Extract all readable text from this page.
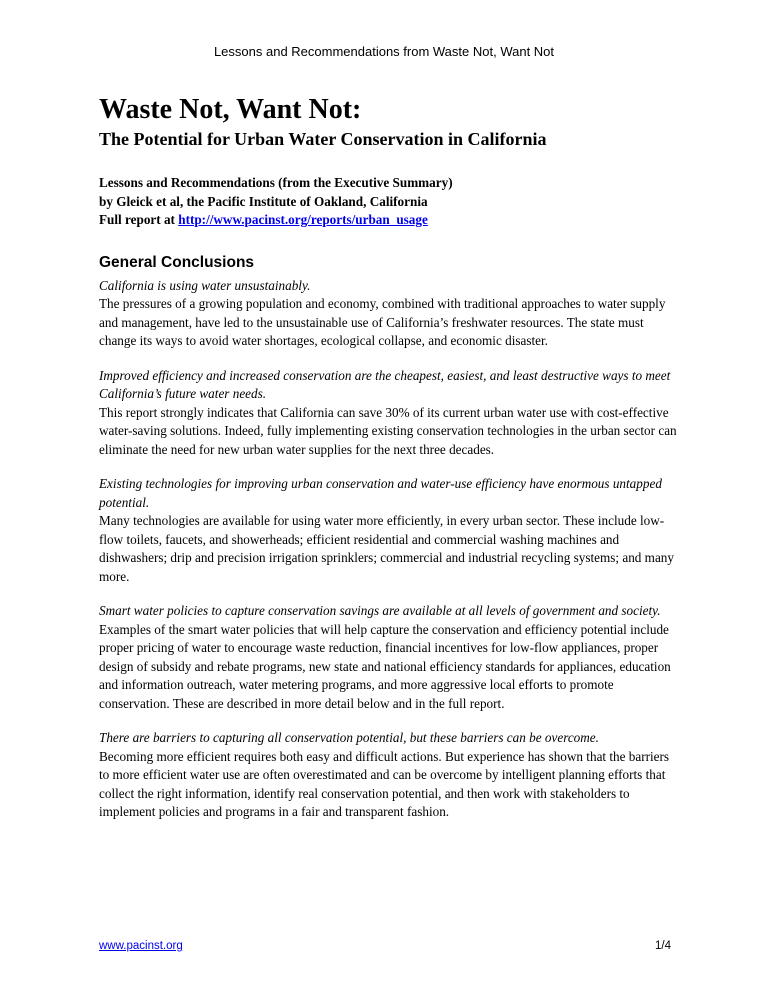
Lessons and Recommendations from Waste Not, Want Not
Waste Not, Want Not:
The Potential for Urban Water Conservation in California
Lessons and Recommendations (from the Executive Summary)
by Gleick et al, the Pacific Institute of Oakland, California
Full report at http://www.pacinst.org/reports/urban_usage
General Conclusions
California is using water unsustainably.
The pressures of a growing population and economy, combined with traditional approaches to water supply and management, have led to the unsustainable use of California’s freshwater resources. The state must change its ways to avoid water shortages, ecological collapse, and economic disaster.
Improved efficiency and increased conservation are the cheapest, easiest, and least destructive ways to meet California’s future water needs.
This report strongly indicates that California can save 30% of its current urban water use with cost-effective water-saving solutions. Indeed, fully implementing existing conservation technologies in the urban sector can eliminate the need for new urban water supplies for the next three decades.
Existing technologies for improving urban conservation and water-use efficiency have enormous untapped potential.
Many technologies are available for using water more efficiently, in every urban sector. These include low-flow toilets, faucets, and showerheads; efficient residential and commercial washing machines and dishwashers; drip and precision irrigation sprinklers; commercial and industrial recycling systems; and many more.
Smart water policies to capture conservation savings are available at all levels of government and society.
Examples of the smart water policies that will help capture the conservation and efficiency potential include proper pricing of water to encourage waste reduction, financial incentives for low-flow appliances, proper design of subsidy and rebate programs, new state and national efficiency standards for appliances, education and information outreach, water metering programs, and more aggressive local efforts to promote conservation. These are described in more detail below and in the full report.
There are barriers to capturing all conservation potential, but these barriers can be overcome.
Becoming more efficient requires both easy and difficult actions. But experience has shown that the barriers to more efficient water use are often overestimated and can be overcome by intelligent planning efforts that collect the right information, identify real conservation potential, and then work with stakeholders to implement policies and programs in a fair and transparent fashion.
www.pacinst.org	1/4
